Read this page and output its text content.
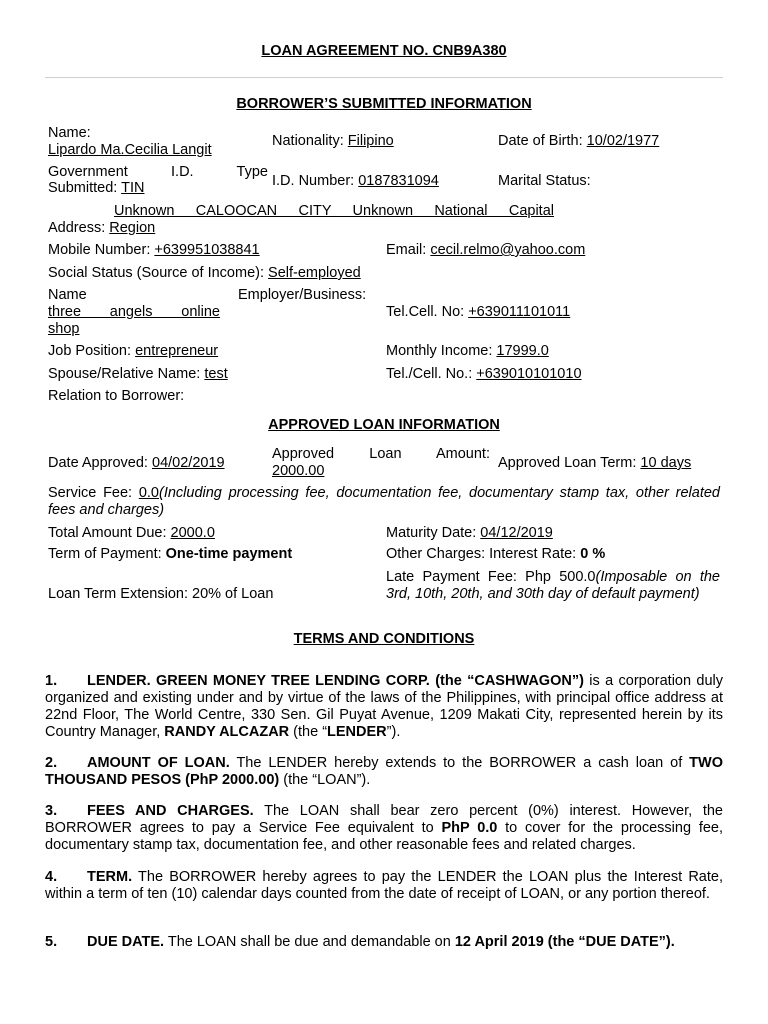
LOAN AGREEMENT NO. CNB9A380
BORROWER’S SUBMITTED INFORMATION
Name:
Lipardo Ma.Cecilia Langit
Nationality: Filipino	Date of Birth: 10/02/1977
Government I.D. Type
Submitted: TIN	I.D. Number: 0187831094	Marital Status:
Unknown CALOOCAN CITY Unknown National Capital
Address: Region
Mobile Number: +639951038841	Email: cecil.relmo@yahoo.com
Social Status (Source of Income): Self-employed
Name	Employer/Business:
three angels online
shop
Tel.Cell. No: +639011101011
Job Position: entrepreneur	Monthly Income: 17999.0
Spouse/Relative Name: test	Tel./Cell. No.: +639010101010
Relation to Borrower:
APPROVED LOAN INFORMATION
Date Approved: 04/02/2019
Approved Loan Amount:
2000.00	Approved Loan Term: 10 days
Service Fee: 0.0(Including processing fee, documentation fee, documentary stamp tax, other related fees and charges)
Total Amount Due: 2000.0	Maturity Date: 04/12/2019
Term of Payment: One-time payment	Other Charges: Interest Rate: 0 %
Loan Term Extension: 20% of Loan
Late Payment Fee: Php 500.0(Imposable on the 3rd, 10th, 20th, and 30th day of default payment)
TERMS AND CONDITIONS
1. LENDER. GREEN MONEY TREE LENDING CORP. (the “CASHWAGON”) is a corporation duly organized and existing under and by virtue of the laws of the Philippines, with principal office address at 22nd Floor, The World Centre, 330 Sen. Gil Puyat Avenue, 1209 Makati City, represented herein by its Country Manager, RANDY ALCAZAR (the “LENDER”).
2. AMOUNT OF LOAN. The LENDER hereby extends to the BORROWER a cash loan of TWO THOUSAND PESOS (PhP 2000.00) (the “LOAN”).
3. FEES AND CHARGES. The LOAN shall bear zero percent (0%) interest. However, the BORROWER agrees to pay a Service Fee equivalent to PhP 0.0 to cover for the processing fee, documentary stamp tax, documentation fee, and other reasonable fees and related charges.
4. TERM. The BORROWER hereby agrees to pay the LENDER the LOAN plus the Interest Rate, within a term of ten (10) calendar days counted from the date of receipt of LOAN, or any portion thereof.
5. DUE DATE. The LOAN shall be due and demandable on 12 April 2019 (the “DUE DATE”).
